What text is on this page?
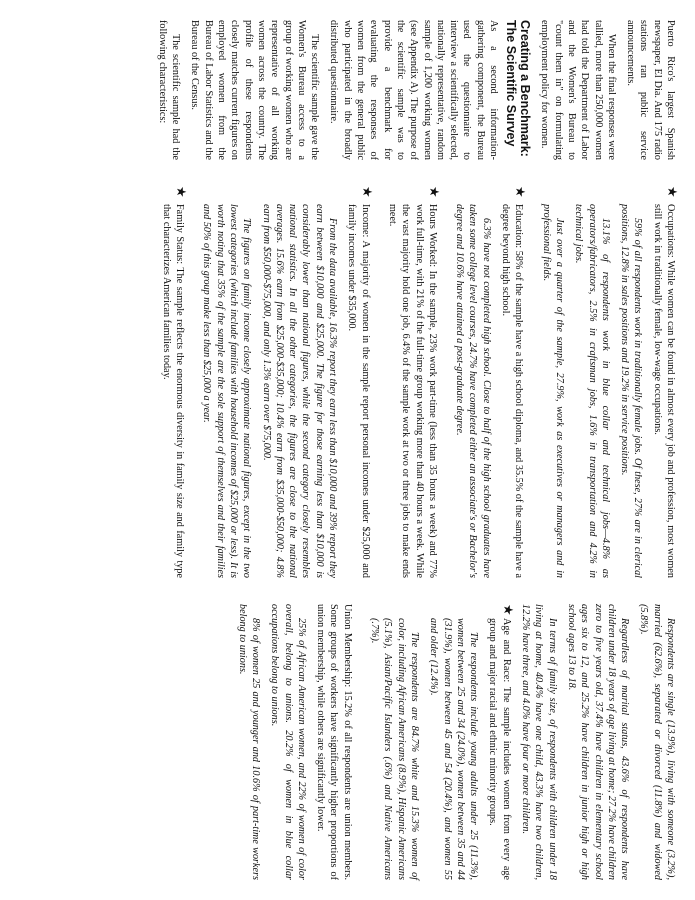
Puerto Rico's largest Spanish newspaper, El Dia. And 175 radio stations ran public service announcements.

When the final responses were tallied, more than 250,000 women had told the Department of Labor and the Women's Bureau to "count them in" on formulating employment policy for women.

Creating a Benchmark: The Scientific Survey

As a second information-gathering component, the Bureau used the questionnaire to interview a scientifically selected, nationally representative, random sample of 1,200 working women (see Appendix A). The purpose of the scientific sample was to provide a benchmark for evaluating the responses of women from the general public who participated in the broadly distributed questionnaire.

The scientific sample gave the Women's Bureau access to a group of working women who are representative of all working women across the country. The profile of these respondents closely matches current figures on employed women from the Bureau of Labor Statistics and the Bureau of the Census.

The scientific sample had the following characteristics:

★

Occupations: While women can be found in almost every job and profession, most women still work in traditionally female, low-wage occupations.

59% of all respondents work in traditionally female jobs. Of these, 27% are in clerical positions, 12.8% in sales positions and 19.2% in service positions.

13.1% of respondents work in blue collar and technical jobs—4.8% as operators/fabricators, 2.5% in craftsman jobs, 1.6% in transportation and 4.2% in technical jobs.

Just over a quarter of the sample, 27.9%, work as executives or managers and in professional fields.

★

Education: 58% of the sample have a high school diploma, and 35.5% of the sample have a degree beyond high school.

6.3% have not completed high school. Close to half of the high school graduates have taken some college level courses, 24.7% have completed either an associate's or Bachelor's degree and 10.6% have attained a post-graduate degree.

★

Hours Worked: In the sample, 23% work part-time (less than 35 hours a week) and 77% work full-time, with 21% of the full-time group working more than 40 hours a week. While the vast majority hold one job, 6.4% of the sample work at two or three jobs to make ends meet.

★

Income: A majority of women in the sample report personal incomes under $25,000 and family incomes under $35,000.

From the data available, 16.3% report they earn less than $10,000 and 39% report they earn between $10,000 and $25,000. The figure for those earning less than $10,000 is considerably lower than national figures, while the second category closely resembles national statistics. In all the other categories, the figures are close to the national averages. 15.6% earn from $25,000-$35,000; 10.4% earn from $35,000-$50,000; 4.8% earn from $50,000-$75,000, and only 1.3% earn over $75,000.

The figures on family income closely approximate national figures, except in the two lowest categories (which include families with household incomes of $25,000 or less). It is worth noting that 35% of the sample are the sole support of themselves and their families and 50% of this group make less than $25,000 a year.

★

Family Status: The sample reflects the enormous diversity in family size and family type that characterizes American families today.

Respondents are single (13.9%), living with someone (3.2%), married (62.6%), separated or divorced (11.8%) and widowed (5.8%).

Regardless of marital status, 43.6% of respondents have children under 18 years of age living at home; 27.2% have children zero to five years old, 37.4% have children in elementary school ages six to 12, and 25.2% have children in junior high or high school ages 13 to 18.

In terms of family size, of respondents with children under 18 living at home, 40.4% have one child, 43.3% have two children, 12.2% have three, and 4.0% have four or more children.

★

Age and Race: The sample includes women from every age group and major racial and ethnic minority groups.

The respondents include young adults under 25 (11.3%), women between 25 and 34 (24.0%), women between 35 and 44 (31.9%), women between 45 and 54 (20.4%), and women 55 and older (12.4%).

The respondents are 84.7% white and 15.3% women of color, including African Americans (8.9%), Hispanic Americans (5.1%), Asian/Pacific Islanders (.6%) and Native Americans (.7%).

Union Membership: 15.2% of all respondents are union members. Some groups of workers have significantly higher proportions of union membership, while others are significantly lower.

25% of African American women, and 22% of women of color overall, belong to unions. 20.2% of women in blue collar occupations belong to unions.

8% of women 25 and younger and 10.6% of part-time workers belong to unions.
